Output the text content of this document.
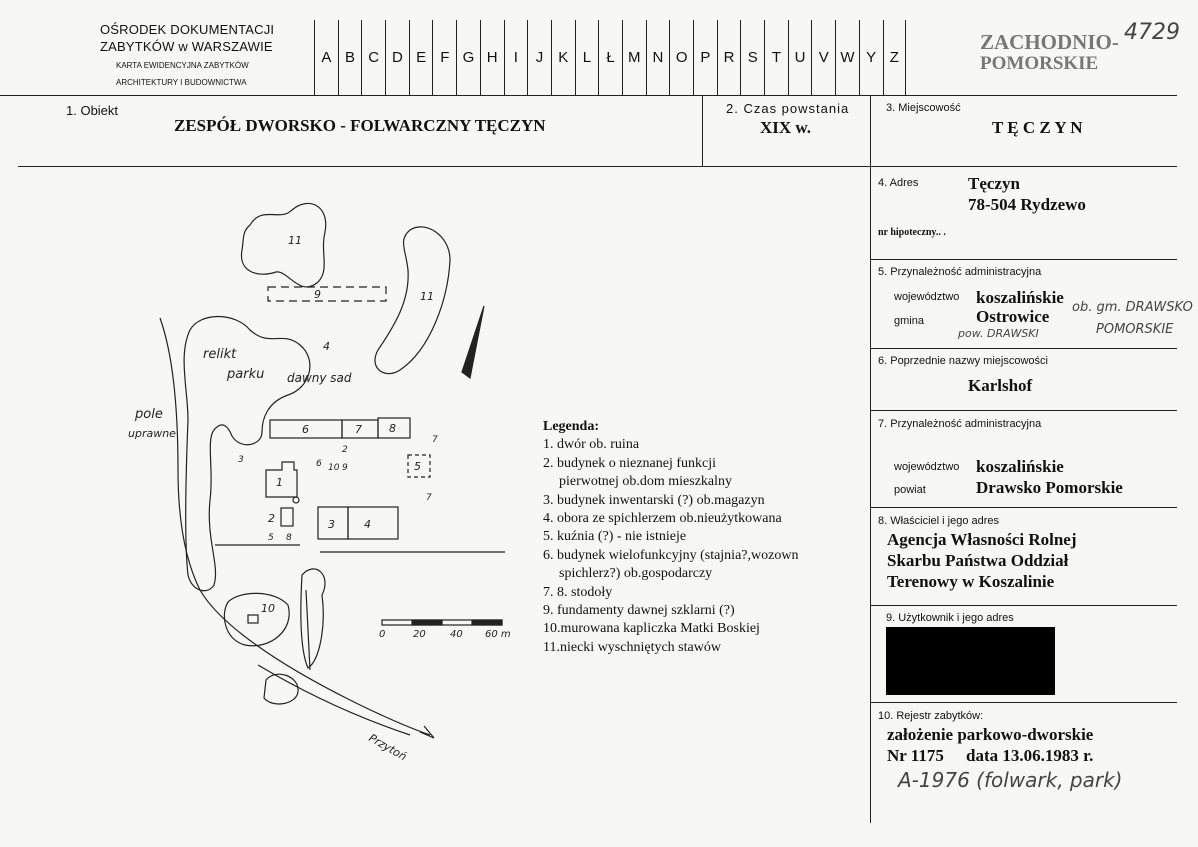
OŚRODEK DOKUMENTACJI
ZABYTKÓW w WARSZAWIE
KARTA EWIDENCYJNA ZABYTKÓW
ARCHITEKTURY I BUDOWNICTWA
A B C D E F G H	I	J K L	Ł M N O P R S T U V W Y Z
ZACHODNIO-
POMORSKIE
4729
1. Obiekt
ZESPÓŁ DWORSKO - FOLWARCZNY TĘCZYN
2. Czas powstania
XIX w.
3. Miejscowość
T Ę C Z Y N
4. Adres	Tęczyn
78-504 Rydzewo
nr hipoteczny.. .
5. Przynależność administracyjna
województwo koszalińskie
gmina	Ostrowice ob. gm. DRAWSKO
pow. DRAWSKI	POMORSKIE
6. Poprzednie nazwy miejscowości
Karlshof
7. Przynależność administracyjna
województwo koszalińskie
powiat	Drawsko Pomorskie
8. Właściciel i jego adres
Agencja Własności Rolnej
Skarbu Państwa Oddział
Terenowy w Koszalinie
9. Użytkownik i jego adres
10. Rejestr zabytków:
założenie parkowo-dworskie
Nr 1175 data 13.06.1983 r.
A-1976 (folwark, park)
Legenda:
1. dwór ob. ruina
2. budynek o nieznanej funkcji
pierwotnej ob.dom mieszkalny
3. budynek inwentarski (?) ob.magazyn
4. obora ze spichlerzem ob.nieużytkowana
5. kuźnia (?) - nie istnieje
6. budynek wielofunkcyjny (stajnia?,wozown
spichlerz?) ob.gospodarczy
7. 8. stodoły
9. fundamenty dawnej szklarni (?)
10.murowana kapliczka Matki Boskiej
11.niecki wyschniętych stawów
relikt
parku dawny sad
pole
uprawne
Przytoń
11
11
9
4
6	7 8
1
2	3	4
5
10
2
3
5
6
7
7
8
9
10
0	20 40 60 m
